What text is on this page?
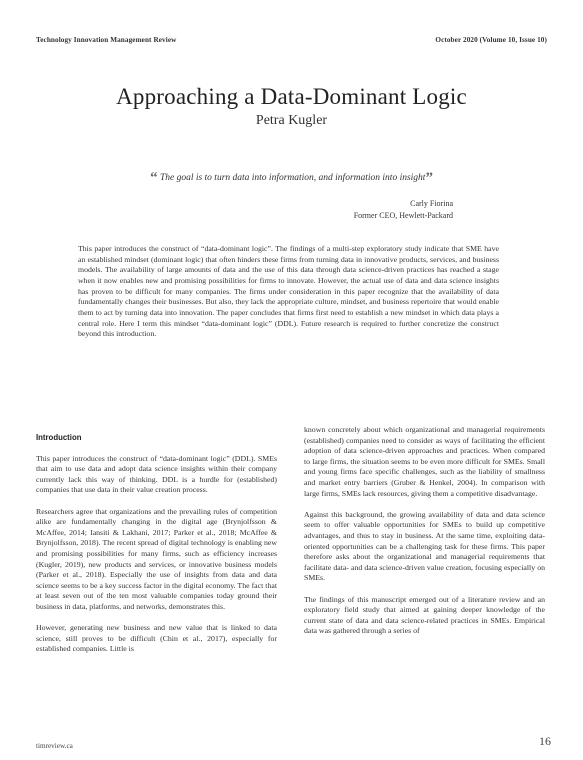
Technology Innovation Management Review	October 2020 (Volume 10, Issue 10)
Approaching a Data-Dominant Logic
Petra Kugler
“ The goal is to turn data into information, and information into insight”
Carly Fiorina
Former CEO, Hewlett-Packard
This paper introduces the construct of “data-dominant logic”. The findings of a multi-step exploratory study indicate that SME have an established mindset (dominant logic) that often hinders these firms from turning data in innovative products, services, and business models. The availability of large amounts of data and the use of this data through data science-driven practices has reached a stage when it now enables new and promising possibilities for firms to innovate. However, the actual use of data and data science insights has proven to be difficult for many companies. The firms under consideration in this paper recognize that the availability of data fundamentally changes their businesses. But also, they lack the appropriate culture, mindset, and business repertoire that would enable them to act by turning data into innovation. The paper concludes that firms first need to establish a new mindset in which data plays a central role. Here I term this mindset “data-dominant logic” (DDL). Future research is required to further concretize the construct beyond this introduction.
Introduction

This paper introduces the construct of “data-dominant logic” (DDL). SMEs that aim to use data and adopt data science insights within their company currently lack this way of thinking. DDL is a hurdle for (established) companies that use data in their value creation process.

Researchers agree that organizations and the prevailing rules of competition alike are fundamentally changing in the digital age (Brynjolfsson & McAffee, 2014; Iansiti & Lakhani, 2017; Parker et al., 2018; McAffee & Brynjolfsson, 2018). The recent spread of digital technology is enabling new and promising possibilities for many firms, such as efficiency increases (Kugler, 2019), new products and services, or innovative business models (Parker et al., 2018). Especially the use of insights from data and data science seems to be a key success factor in the digital economy. The fact that at least seven out of the ten most valuable companies today ground their business in data, platforms, and networks, demonstrates this.

However, generating new business and new value that is linked to data science, still proves to be difficult (Chin et al., 2017), especially for established companies. Little is

known concretely about which organizational and managerial requirements (established) companies need to consider as ways of facilitating the efficient adoption of data science-driven approaches and practices. When compared to large firms, the situation seems to be even more difficult for SMEs. Small and young firms face specific challenges, such as the liability of smallness and market entry barriers (Gruber & Henkel, 2004). In comparison with large firms, SMEs lack resources, giving them a competitive disadvantage.

Against this background, the growing availability of data and data science seem to offer valuable opportunities for SMEs to build up competitive advantages, and thus to stay in business. At the same time, exploiting data-oriented opportunities can be a challenging task for these firms. This paper therefore asks about the organizational and managerial requirements that facilitate data- and data science-driven value creation, focusing especially on SMEs.

The findings of this manuscript emerged out of a literature review and an exploratory field study that aimed at gaining deeper knowledge of the current state of data and data science-related practices in SMEs. Empirical data was gathered through a series of

timreview.ca	16
